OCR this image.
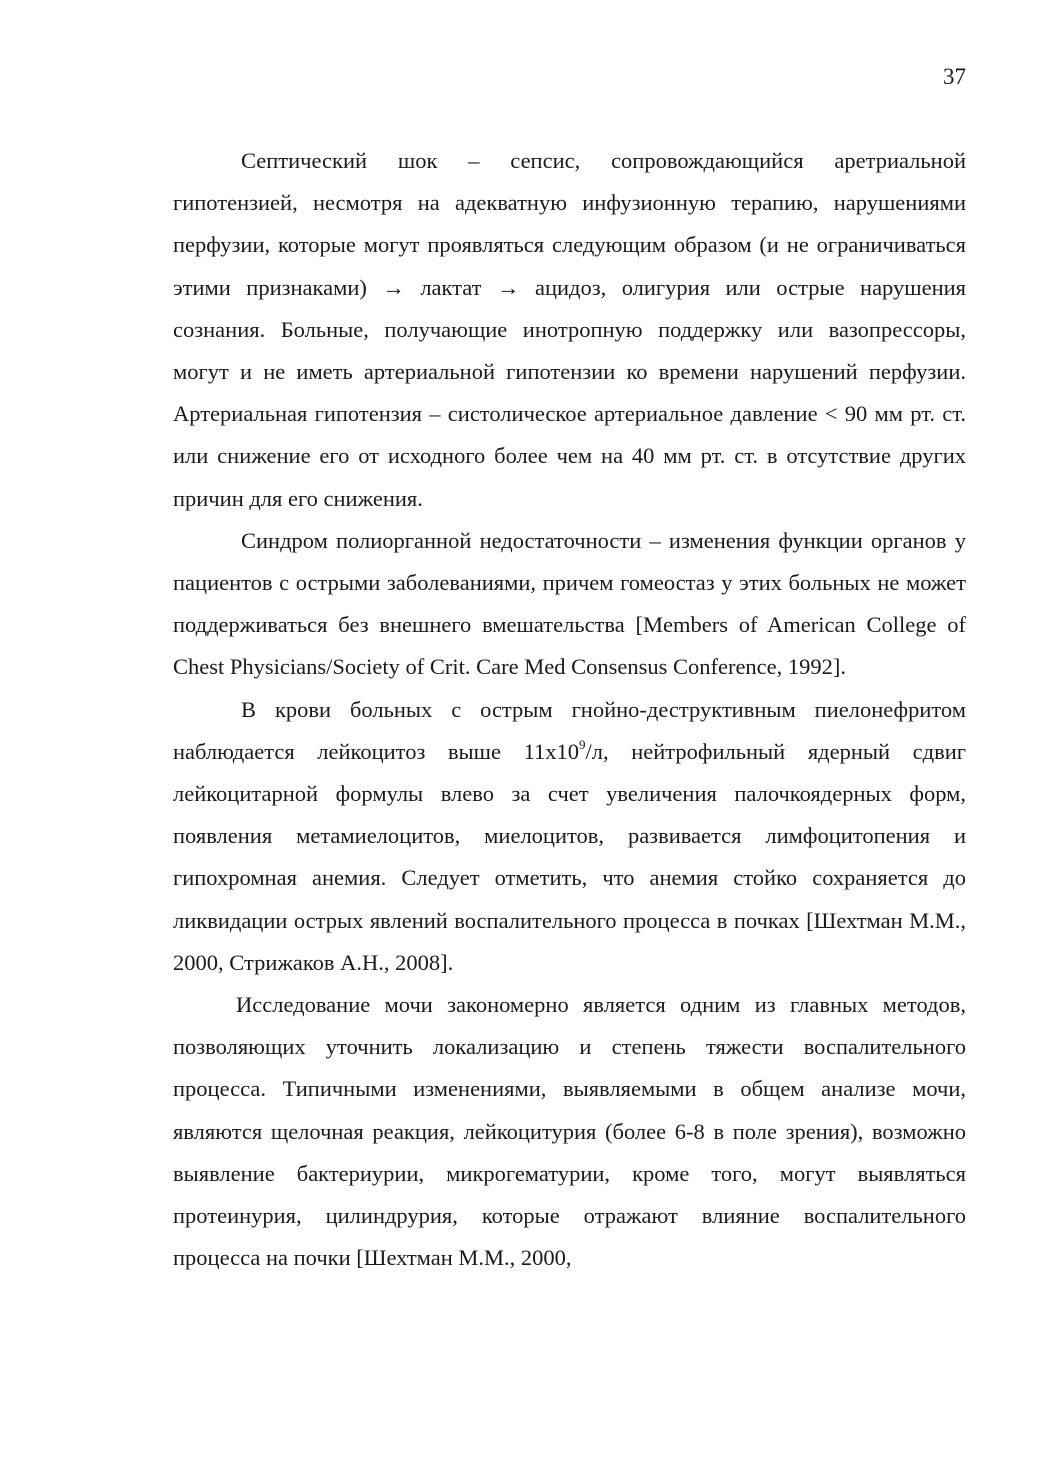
37

Септический шок – сепсис, сопровождающийся аретриальной гипотензией, несмотря на адекватную инфузионную терапию, нарушениями перфузии, которые могут проявляться следующим образом (и не ограничиваться этими признаками) → лактат → ацидоз, олигурия или острые нарушения сознания. Больные, получающие инотропную поддержку или вазопрессоры, могут и не иметь артериальной гипотензии ко времени нарушений перфузии. Артериальная гипотензия – систолическое артериальное давление < 90 мм рт. ст. или снижение его от исходного более чем на 40 мм рт. ст. в отсутствие других причин для его снижения.

Синдром полиорганной недостаточности – изменения функции органов у пациентов с острыми заболеваниями, причем гомеостаз у этих больных не может поддерживаться без внешнего вмешательства [Members of American College of Chest Physicians/Society of Crit. Care Med Consensus Conference, 1992].

В крови больных с острым гнойно-деструктивным пиелонефритом наблюдается лейкоцитоз выше $11х10^9/л$, нейтрофильный ядерный сдвиг лейкоцитарной формулы влево за счет увеличения палочкоядерных форм, появления метамиелоцитов, миелоцитов, развивается лимфоцитопения и гипохромная анемия. Следует отметить, что анемия стойко сохраняется до ликвидации острых явлений воспалительного процесса в почках [Шехтман М.М., 2000, Стрижаков А.Н., 2008].

Исследование мочи закономерно является одним из главных методов, позволяющих уточнить локализацию и степень тяжести воспалительного процесса. Типичными изменениями, выявляемыми в общем анализе мочи, являются щелочная реакция, лейкоцитурия (более 6-8 в поле зрения), возможно выявление бактериурии, микрогематурии, кроме того, могут выявляться протеинурия, цилиндрурия, которые отражают влияние воспалительного процесса на почки [Шехтман М.М., 2000,
